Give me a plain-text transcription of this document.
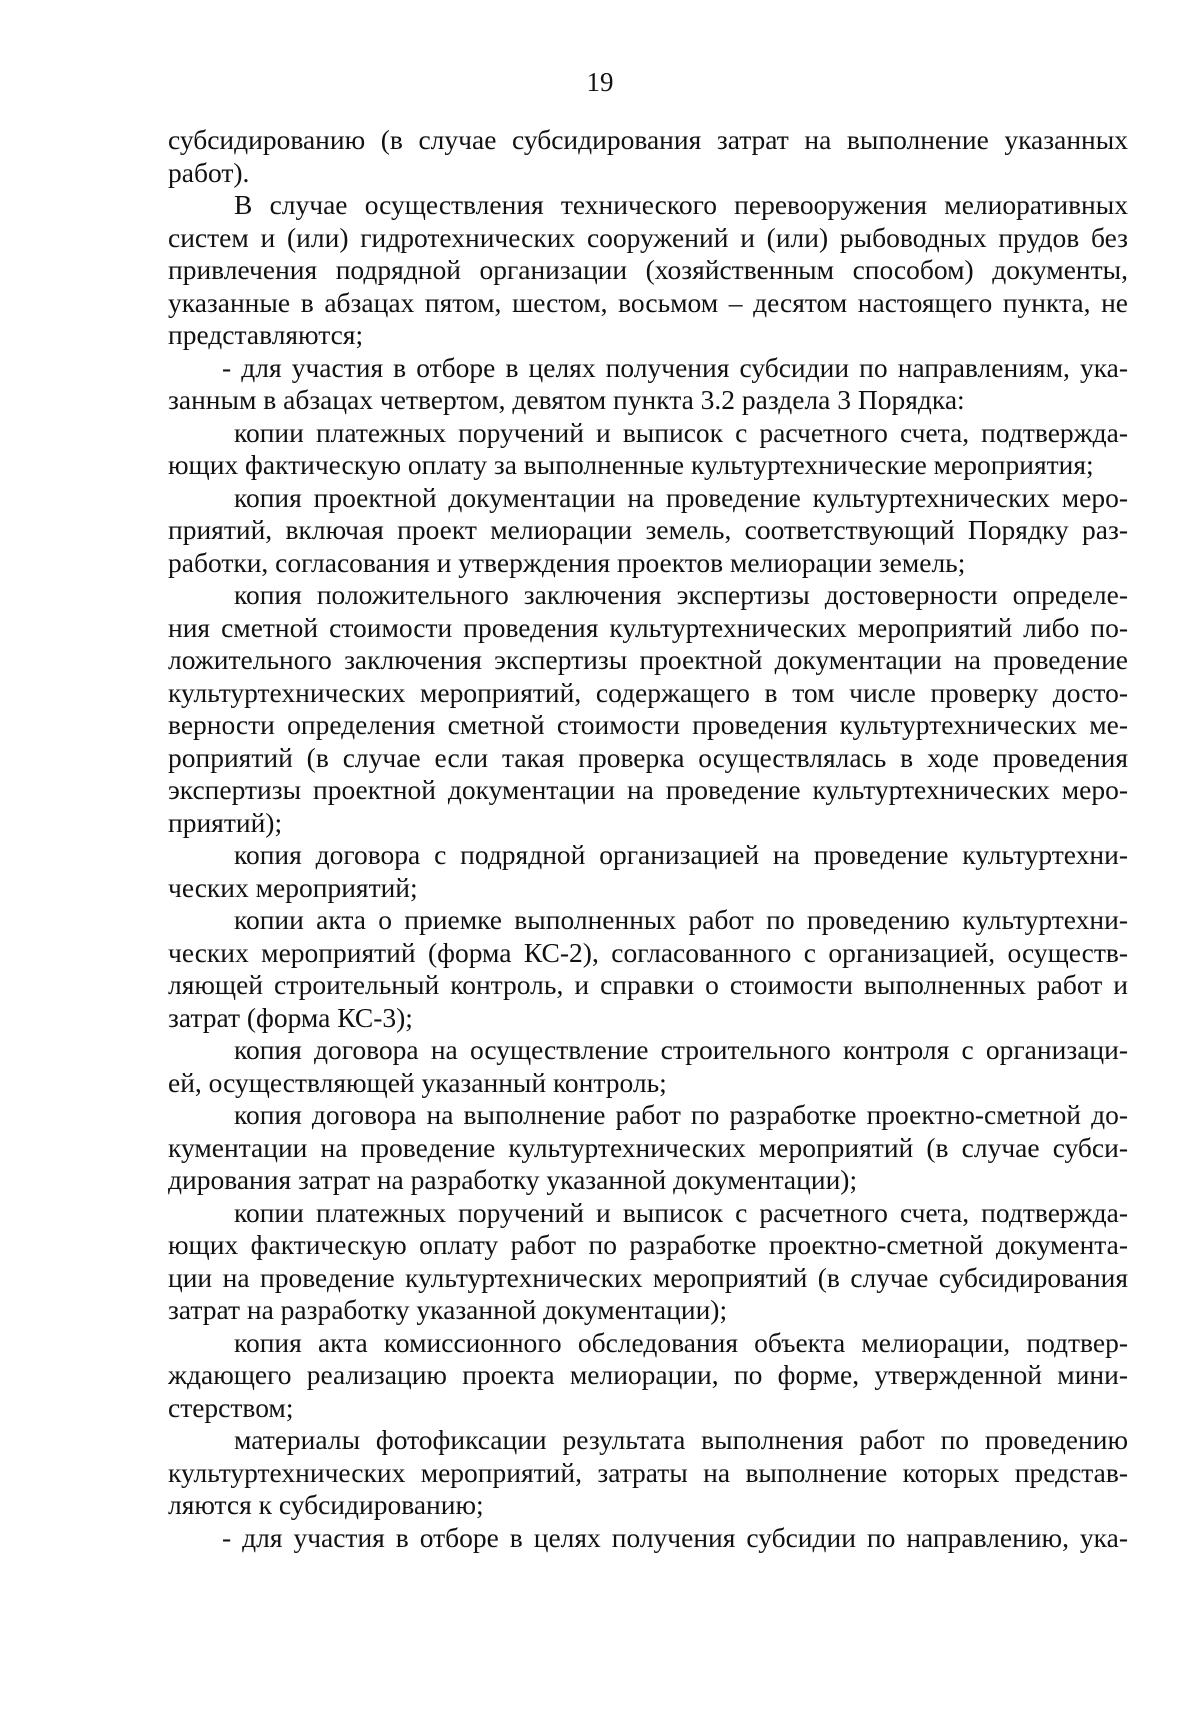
19
субсидированию (в случае субсидирования затрат на выполнение указанных
работ).
В случае осуществления технического перевооружения мелиоративных
систем и (или) гидротехнических сооружений и (или) рыбоводных прудов без
привлечения подрядной организации (хозяйственным способом) документы,
указанные в абзацах пятом, шестом, восьмом – десятом настоящего пункта, не
представляются;
- для участия в отборе в целях получения субсидии по направлениям, ука-
занным в абзацах четвертом, девятом пункта 3.2 раздела 3 Порядка:
копии платежных поручений и выписок с расчетного счета, подтвержда-
ющих фактическую оплату за выполненные культуртехнические мероприятия;
копия проектной документации на проведение культуртехнических меро-
приятий, включая проект мелиорации земель, соответствующий Порядку раз-
работки, согласования и утверждения проектов мелиорации земель;
копия положительного заключения экспертизы достоверности определе-
ния сметной стоимости проведения культуртехнических мероприятий либо по-
ложительного заключения экспертизы проектной документации на проведение
культуртехнических мероприятий, содержащего в том числе проверку досто-
верности определения сметной стоимости проведения культуртехнических ме-
роприятий (в случае если такая проверка осуществлялась в ходе проведения
экспертизы проектной документации на проведение культуртехнических меро-
приятий);
копия договора с подрядной организацией на проведение культуртехни-
ческих мероприятий;
копии акта о приемке выполненных работ по проведению культуртехни-
ческих мероприятий (форма КС-2), согласованного с организацией, осуществ-
ляющей строительный контроль, и справки о стоимости выполненных работ и
затрат (форма КС-3);
копия договора на осуществление строительного контроля с организаци-
ей, осуществляющей указанный контроль;
копия договора на выполнение работ по разработке проектно-сметной до-
кументации на проведение культуртехнических мероприятий (в случае субси-
дирования затрат на разработку указанной документации);
копии платежных поручений и выписок с расчетного счета, подтвержда-
ющих фактическую оплату работ по разработке проектно-сметной документа-
ции на проведение культуртехнических мероприятий (в случае субсидирования
затрат на разработку указанной документации);
копия акта комиссионного обследования объекта мелиорации, подтвер-
ждающего реализацию проекта мелиорации, по форме, утвержденной мини-
стерством;
материалы фотофиксации результата выполнения работ по проведению
культуртехнических мероприятий, затраты на выполнение которых представ-
ляются к субсидированию;
- для участия в отборе в целях получения субсидии по направлению, ука-
